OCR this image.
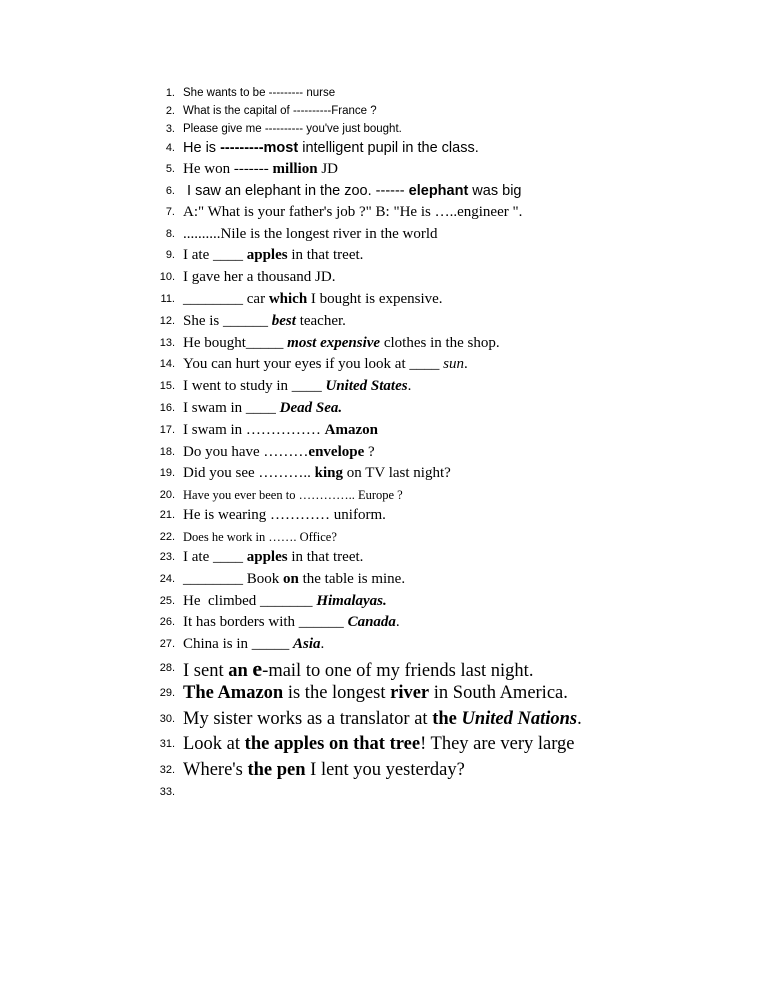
1. She wants to be --------- nurse
2. What is the capital of ----------France ?
3. Please give me ---------- you've just bought.
4. He is ---------most intelligent pupil in the class.
5. He won ------- million JD
6. I saw an elephant in the zoo. ------ elephant was big
7. A:" What is your father's job ?" B: "He is …..engineer ".
8. ..........Nile is the longest river in the world
9. I ate ____ apples in that treet.
10. I gave her a thousand JD.
11. ________ car which I bought is expensive.
12. She is ______ best teacher.
13. He bought_____ most expensive clothes in the shop.
14. You can hurt your eyes if you look at ____ sun.
15. I went to study in ____ United States.
16. I swam in ____ Dead Sea.
17. I swam in …………… Amazon
18. Do you have ………envelope ?
19. Did you see ……….. king on TV last night?
20. Have you ever been to ………….. Europe ?
21. He is wearing ………… uniform.
22. Does he work in ……. Office?
23. I ate ____ apples in that treet.
24. ________ Book on the table is mine.
25. He  climbed _______ Himalayas.
26. It has borders with ______ Canada.
27. China is in _____ Asia.
28. I sent an e-mail to one of my friends last night.
29. The Amazon is the longest river in South America.
30. My sister works as a translator at the United Nations.
31. Look at the apples on that tree! They are very large
32. Where's the pen I lent you yesterday?
33.
